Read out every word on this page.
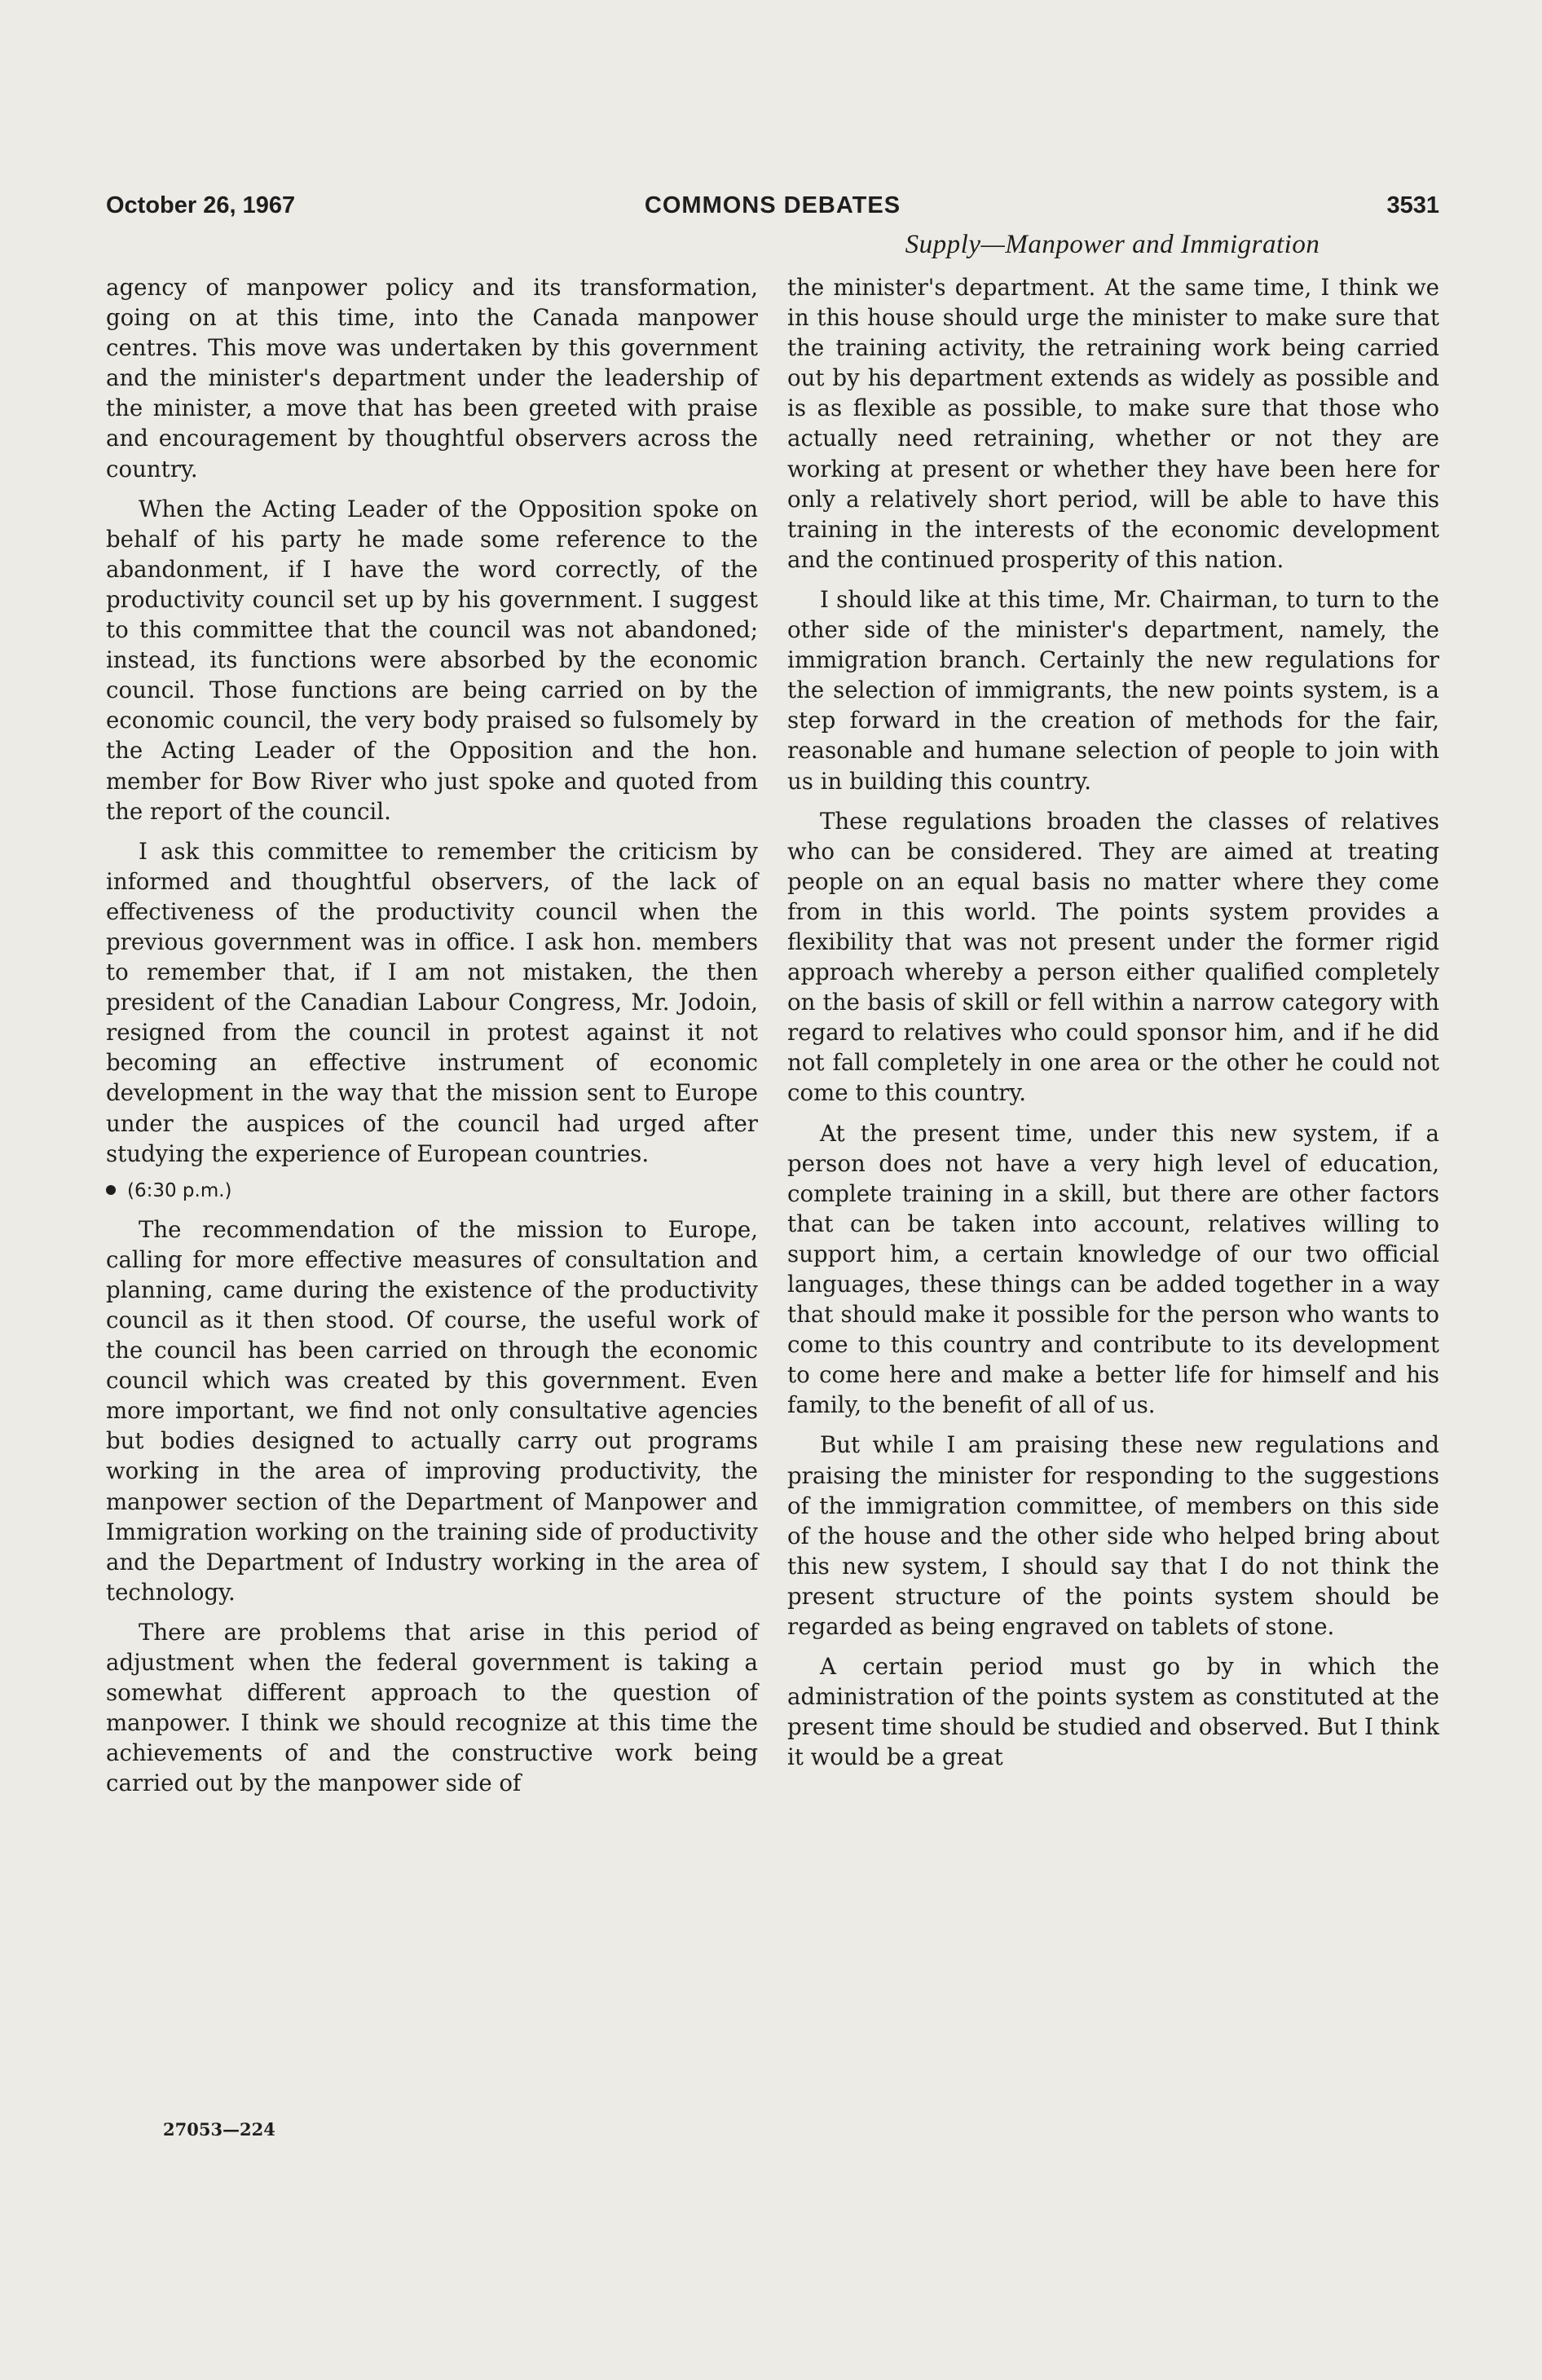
October 26, 1967	COMMONS DEBATES	3531
Supply—Manpower and Immigration

agency of manpower policy and its transformation, going on at this time, into the Canada manpower centres. This move was undertaken by this government and the minister's department under the leadership of the minister, a move that has been greeted with praise and encouragement by thoughtful observers across the country.

When the Acting Leader of the Opposition spoke on behalf of his party he made some reference to the abandonment, if I have the word correctly, of the productivity council set up by his government. I suggest to this committee that the council was not abandoned; instead, its functions were absorbed by the economic council. Those functions are being carried on by the economic council, the very body praised so fulsomely by the Acting Leader of the Opposition and the hon. member for Bow River who just spoke and quoted from the report of the council.

I ask this committee to remember the criticism by informed and thoughtful observers, of the lack of effectiveness of the productivity council when the previous government was in office. I ask hon. members to remember that, if I am not mistaken, the then president of the Canadian Labour Congress, Mr. Jodoin, resigned from the council in protest against it not becoming an effective instrument of economic development in the way that the mission sent to Europe under the auspices of the council had urged after studying the experience of European countries.

(6:30 p.m.)

The recommendation of the mission to Europe, calling for more effective measures of consultation and planning, came during the existence of the productivity council as it then stood. Of course, the useful work of the council has been carried on through the economic council which was created by this government. Even more important, we find not only consultative agencies but bodies designed to actually carry out programs working in the area of improving productivity, the manpower section of the Department of Manpower and Immigration working on the training side of productivity and the Department of Industry working in the area of technology.

There are problems that arise in this period of adjustment when the federal government is taking a somewhat different approach to the question of manpower. I think we should recognize at this time the achievements of and the constructive work being carried out by the manpower side of

the minister's department. At the same time, I think we in this house should urge the minister to make sure that the training activity, the retraining work being carried out by his department extends as widely as possible and is as flexible as possible, to make sure that those who actually need retraining, whether or not they are working at present or whether they have been here for only a relatively short period, will be able to have this training in the interests of the economic development and the continued prosperity of this nation.

I should like at this time, Mr. Chairman, to turn to the other side of the minister's department, namely, the immigration branch. Certainly the new regulations for the selection of immigrants, the new points system, is a step forward in the creation of methods for the fair, reasonable and humane selection of people to join with us in building this country.

These regulations broaden the classes of relatives who can be considered. They are aimed at treating people on an equal basis no matter where they come from in this world. The points system provides a flexibility that was not present under the former rigid approach whereby a person either qualified completely on the basis of skill or fell within a narrow category with regard to relatives who could sponsor him, and if he did not fall completely in one area or the other he could not come to this country.

At the present time, under this new system, if a person does not have a very high level of education, complete training in a skill, but there are other factors that can be taken into account, relatives willing to support him, a certain knowledge of our two official languages, these things can be added together in a way that should make it possible for the person who wants to come to this country and contribute to its development to come here and make a better life for himself and his family, to the benefit of all of us.

But while I am praising these new regulations and praising the minister for responding to the suggestions of the immigration committee, of members on this side of the house and the other side who helped bring about this new system, I should say that I do not think the present structure of the points system should be regarded as being engraved on tablets of stone.

A certain period must go by in which the administration of the points system as constituted at the present time should be studied and observed. But I think it would be a great

27053—224
